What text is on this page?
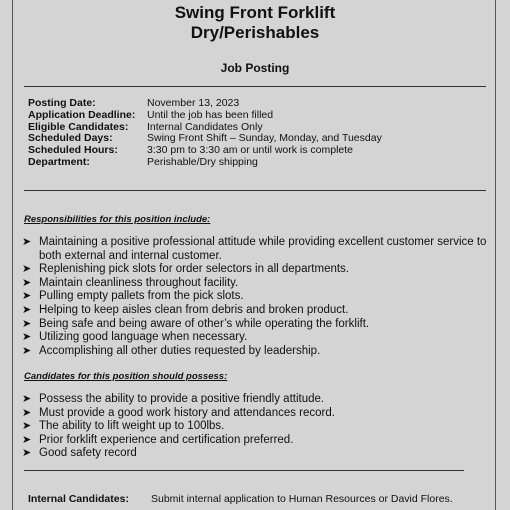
Swing Front Forklift
Dry/Perishables
Job Posting
Posting Date:	November 13, 2023
Application Deadline:	Until the job has been filled
Eligible Candidates:	Internal Candidates Only
Scheduled Days:	Swing Front Shift – Sunday, Monday, and Tuesday
Scheduled Hours:	3:30 pm to 3:30 am or until work is complete
Department:	Perishable/Dry shipping
Responsibilities for this position include:
➤ Maintaining a positive professional attitude while providing excellent customer service to both external and internal customer.
➤ Replenishing pick slots for order selectors in all departments.
➤ Maintain cleanliness throughout facility.
➤ Pulling empty pallets from the pick slots.
➤ Helping to keep aisles clean from debris and broken product.
➤ Being safe and being aware of other’s while operating the forklift.
➤ Utilizing good language when necessary.
➤ Accomplishing all other duties requested by leadership.
Candidates for this position should possess:
➤ Possess the ability to provide a positive friendly attitude.
➤ Must provide a good work history and attendances record.
➤ The ability to lift weight up to 100lbs.
➤ Prior forklift experience and certification preferred.
➤ Good safety record
Internal Candidates:	Submit internal application to Human Resources or David Flores.
